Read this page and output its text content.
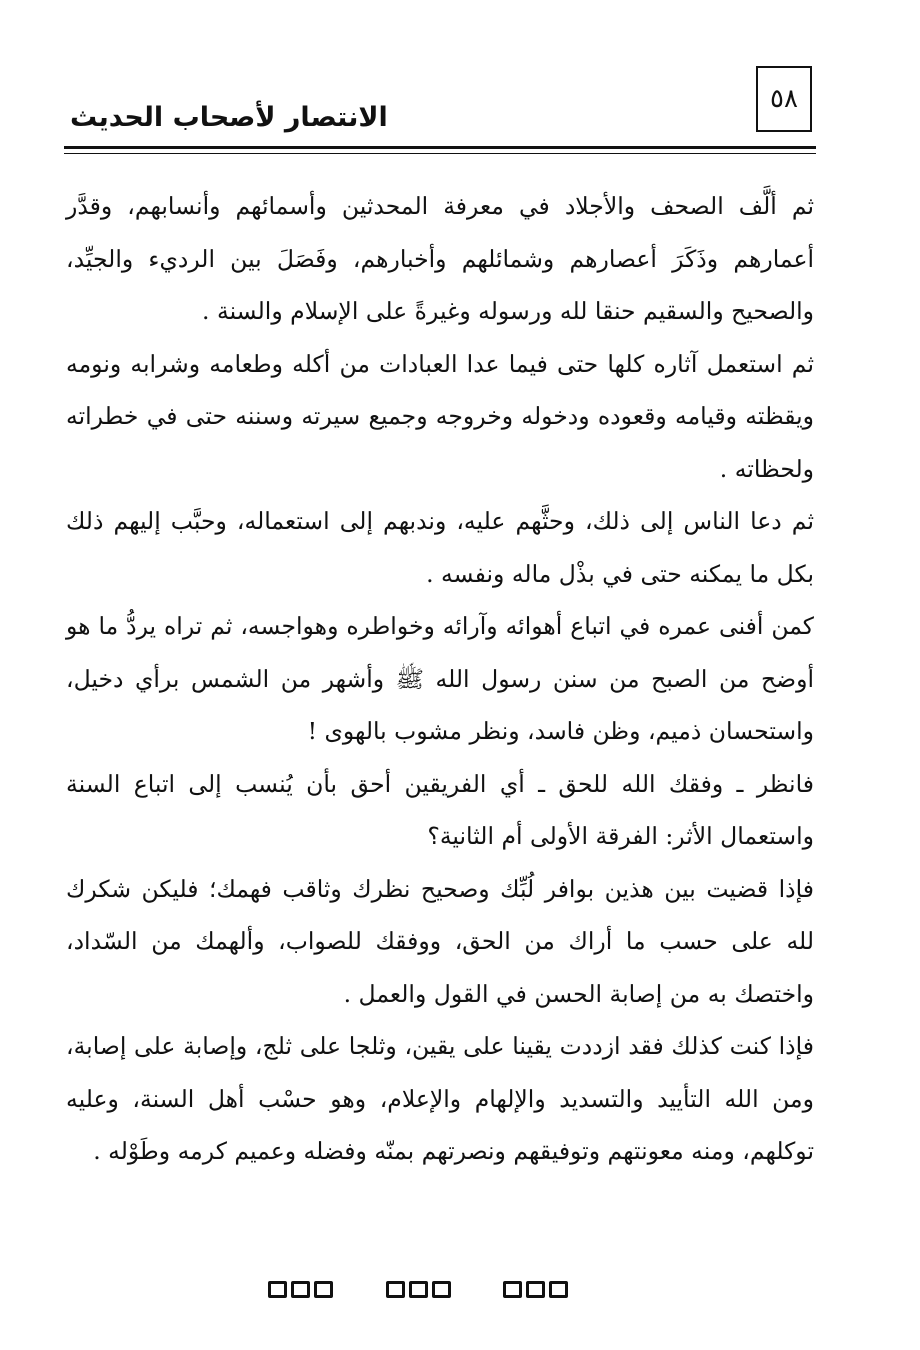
٥٨
الانتصار لأصحاب الحديث

ثم ألَّف الصحف والأجلاد في معرفة المحدثين وأسمائهم وأنسابهم، وقدَّر أعمارهم وذَكَرَ أعصارهم وشمائلهم وأخبارهم، وفَصَلَ بين الرديء والجيِّد، والصحيح والسقيم حنقا لله ورسوله وغيرةً على الإسلام والسنة .

ثم استعمل آثاره كلها حتى فيما عدا العبادات من أكله وطعامه وشرابه ونومه ويقظته وقيامه وقعوده ودخوله وخروجه وجميع سيرته وسننه حتى في خطراته ولحظاته .

ثم دعا الناس إلى ذلك، وحثَّهم عليه، وندبهم إلى استعماله، وحبَّب إليهم ذلك بكل ما يمكنه حتى في بذْل ماله ونفسه .

كمن أفنى عمره في اتباع أهوائه وآرائه وخواطره وهواجسه، ثم تراه يردُّ ما هو أوضح من الصبح من سنن رسول الله ﷺ وأشهر من الشمس برأي دخيل، واستحسان ذميم، وظن فاسد، ونظر مشوب بالهوى !

فانظر ـ وفقك الله للحق ـ أي الفريقين أحق بأن يُنسب إلى اتباع السنة واستعمال الأثر: الفرقة الأولى أم الثانية؟

فإذا قضيت بين هذين بوافر لُبِّك وصحيح نظرك وثاقب فهمك؛ فليكن شكرك لله على حسب ما أراك من الحق، ووفقك للصواب، وألهمك من السّداد، واختصك به من إصابة الحسن في القول والعمل .

فإذا كنت كذلك فقد ازددت يقينا على يقين، وثلجا على ثلج، وإصابة على إصابة، ومن الله التأييد والتسديد والإلهام والإعلام، وهو حسْب أهل السنة، وعليه توكلهم، ومنه معونتهم وتوفيقهم ونصرتهم بمنّه وفضله وعميم كرمه وطَوْله .
